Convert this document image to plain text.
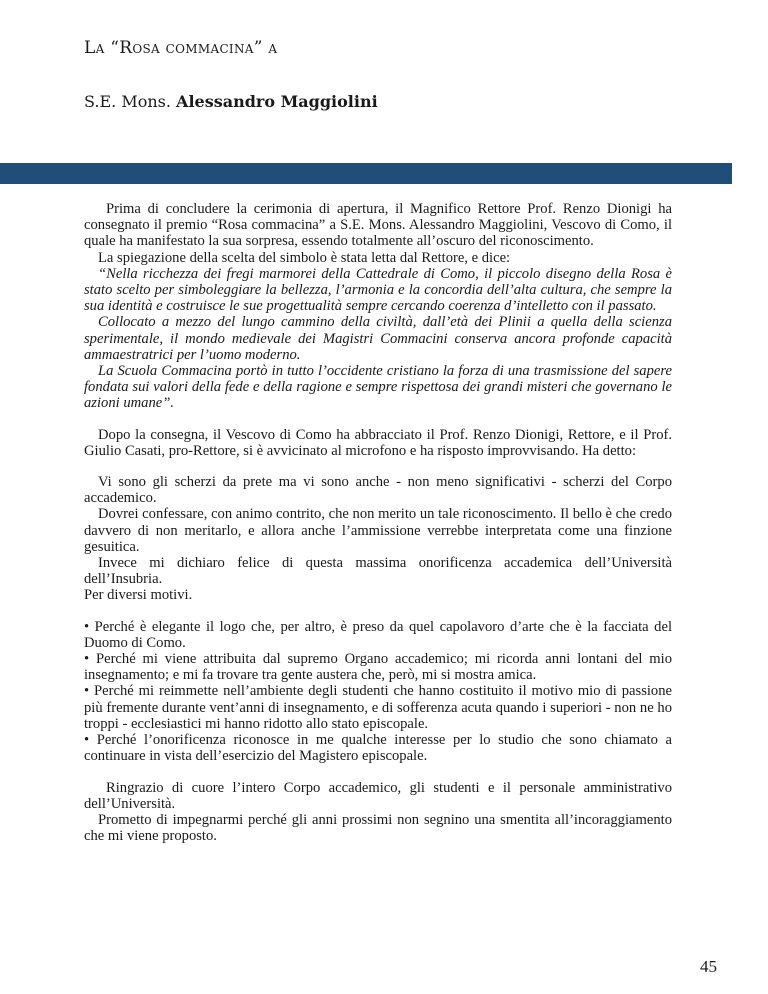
La “Rosa commacina” a
S.E. Mons. Alessandro Maggiolini

Prima di concludere la cerimonia di apertura, il Magnifico Rettore Prof. Renzo Dionigi ha consegnato il premio “Rosa commacina” a S.E. Mons. Alessandro Maggiolini, Vescovo di Como, il quale ha manifestato la sua sorpresa, essendo totalmente all’oscuro del riconoscimento.

La spiegazione della scelta del simbolo è stata letta dal Rettore, e dice:

“Nella ricchezza dei fregi marmorei della Cattedrale di Como, il piccolo disegno della Rosa è stato scelto per simboleggiare la bellezza, l’armonia e la concordia dell’alta cultura, che sempre la sua identità e costruisce le sue progettualità sempre cercando coerenza d’intelletto con il passato.

Collocato a mezzo del lungo cammino della civiltà, dall’età dei Plinii a quella della scienza sperimentale, il mondo medievale dei Magistri Commacini conserva ancora profonde capacità ammaestratrici per l’uomo moderno.

La Scuola Commacina portò in tutto l’occidente cristiano la forza di una trasmissione del sapere fondata sui valori della fede e della ragione e sempre rispettosa dei grandi misteri che governano le azioni umane”.

Dopo la consegna, il Vescovo di Como ha abbracciato il Prof. Renzo Dionigi, Rettore, e il Prof. Giulio Casati, pro-Rettore, si è avvicinato al microfono e ha risposto improvvisando. Ha detto:

Vi sono gli scherzi da prete ma vi sono anche - non meno significativi - scherzi del Corpo accademico.

Dovrei confessare, con animo contrito, che non merito un tale riconoscimento. Il bello è che credo davvero di non meritarlo, e allora anche l’ammissione verrebbe interpretata come una finzione gesuitica.

Invece mi dichiaro felice di questa massima onorificenza accademica dell’Università dell’Insubria.

Per diversi motivi.

• Perché è elegante il logo che, per altro, è preso da quel capolavoro d’arte che è la facciata del Duomo di Como.

• Perché mi viene attribuita dal supremo Organo accademico; mi ricorda anni lontani del mio insegnamento; e mi fa trovare tra gente austera che, però, mi si mostra amica.

• Perché mi reimmette nell’ambiente degli studenti che hanno costituito il motivo mio di passione più fremente durante vent’anni di insegnamento, e di sofferenza acuta quando i superiori - non ne ho troppi - ecclesiastici mi hanno ridotto allo stato episcopale.

• Perché l’onorificenza riconosce in me qualche interesse per lo studio che sono chiamato a continuare in vista dell’esercizio del Magistero episcopale.

Ringrazio di cuore l’intero Corpo accademico, gli studenti e il personale amministrativo dell’Università.

Prometto di impegnarmi perché gli anni prossimi non segnino una smentita all’incoraggiamento che mi viene proposto.

45
